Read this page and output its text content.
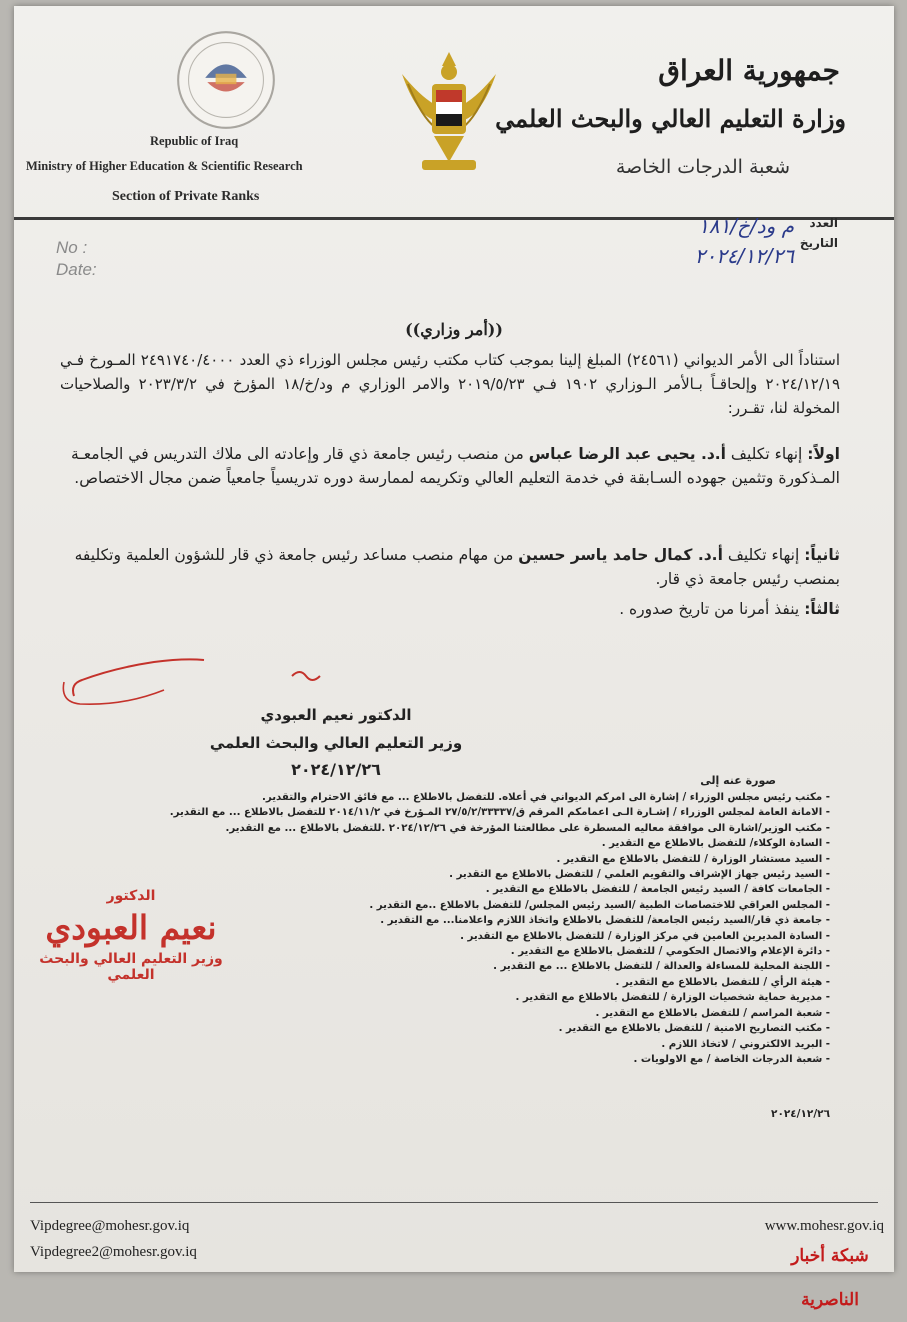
جمهورية العراق
وزارة التعليم العالي والبحث العلمي
شعبة الدرجات الخاصة
Republic of Iraq
Ministry of Higher Education & Scientific Research
Section of Private Ranks
العدد
التاريخ
م ود/خ/١٨١
٢٠٢٤/١٢/٢٦
No :
Date:
((أمر وزاري))

استناداً الى الأمر الديواني (٢٤٥٦١) المبلغ إلينا بموجب كتاب مكتب رئيس مجلس الوزراء ذي العدد ٢٤٩١٧٤٠/٤٠٠٠ المـورخ فـي ٢٠٢٤/١٢/١٩ وإلحاقـاً بـالأمر الـوزاري ١٩٠٢ فـي ٢٠١٩/٥/٢٣ والامر الوزاري م ود/خ/١٨ المؤرخ في ٢٠٢٣/٣/٢ والصلاحيات المخولة لنا، تقـرر:

اولاً: إنهاء تكليف أ.د. يحيى عبد الرضا عباس من منصب رئيس جامعة ذي قار وإعادته الى ملاك التدريس في الجامعـة المـذكورة وتثمين جهوده السـابقة في خدمة التعليم العالي وتكريمه لممارسة دوره تدريسياً جامعياً ضمن مجال الاختصاص.
ثانياً: إنهاء تكليف أ.د. كمال حامد ياسر حسين من مهام منصب مساعد رئيس جامعة ذي قار للشؤون العلمية وتكليفه بمنصب رئيس جامعة ذي قار.
ثالثاً: ينفذ أمرنا من تاريخ صدوره .
الدكتور نعيم العبودي
وزير التعليم العالي والبحث العلمي
٢٠٢٤/١٢/٢٦
صورة عنه إلى
- مكتب رئيس مجلس الوزراء / إشارة الى امركم الديواني في أعلاه. للتفضل بالاطلاع ... مع فائق الاحترام والتقدير.
- الامانة العامة لمجلس الوزراء / إشـارة الـى اعمامكم المرقم ق/٢٧/٥/٢/٣٣٣٣٧ المـؤرخ في ٢٠١٤/١١/٢ للتفضل بالاطلاع ... مع التقدير.
- مكتب الوزير/اشارة الى موافقة معاليه المسطرة على مطالعتنا المؤرخة في ٢٠٢٤/١٢/٢٦ .للتفضل بالاطلاع ... مع التقدير.
- السادة الوكلاء/ للتفضل بالاطلاع مع التقدير .
- السيد مستشار الوزارة / للتفضل بالاطلاع مع التقدير .
- السيد رئيس جهاز الإشراف والتقويم العلمي / للتفضل بالاطلاع مع التقدير .
- الجامعات كافة / السيد رئيس الجامعة / للتفضل بالاطلاع مع التقدير .
- المجلس العراقي للاختصاصات الطبية /السيد رئيس المجلس/ للتفضل بالاطلاع ..مع التقدير .
- جامعة ذي قار/السيد رئيس الجامعة/ للتفضل بالاطلاع واتخاذ اللازم واعلامنا... مع التقدير .
- السادة المديرين العامين في مركز الوزارة / للتفضل بالاطلاع مع التقدير .
- دائرة الإعلام والاتصال الحكومي / للتفضل بالاطلاع مع التقدير .
- اللجنة المحلية للمساءلة والعدالة / للتفضل بالاطلاع ... مع التقدير .
- هيئة الرأي / للتفضل بالاطلاع مع التقدير .
- مديرية حماية شخصيات الوزارة / للتفضل بالاطلاع مع التقدير .
- شعبة المراسم / للتفضل بالاطلاع مع التقدير .
- مكتب التصاريح الامنية / للتفضل بالاطلاع مع التقدير .
- البريد الالكتروني / لاتخاذ اللازم .
- شعبة الدرجات الخاصة / مع الاولويات .
٢٠٢٤/١٢/٢٦
الدكتور
نعيم العبودي
وزير التعليم العالي والبحث العلمي
Vipdegree@mohesr.gov.iq
Vipdegree2@mohesr.gov.iq
www.mohesr.gov.iq
شبكة أخبار الناصرية
